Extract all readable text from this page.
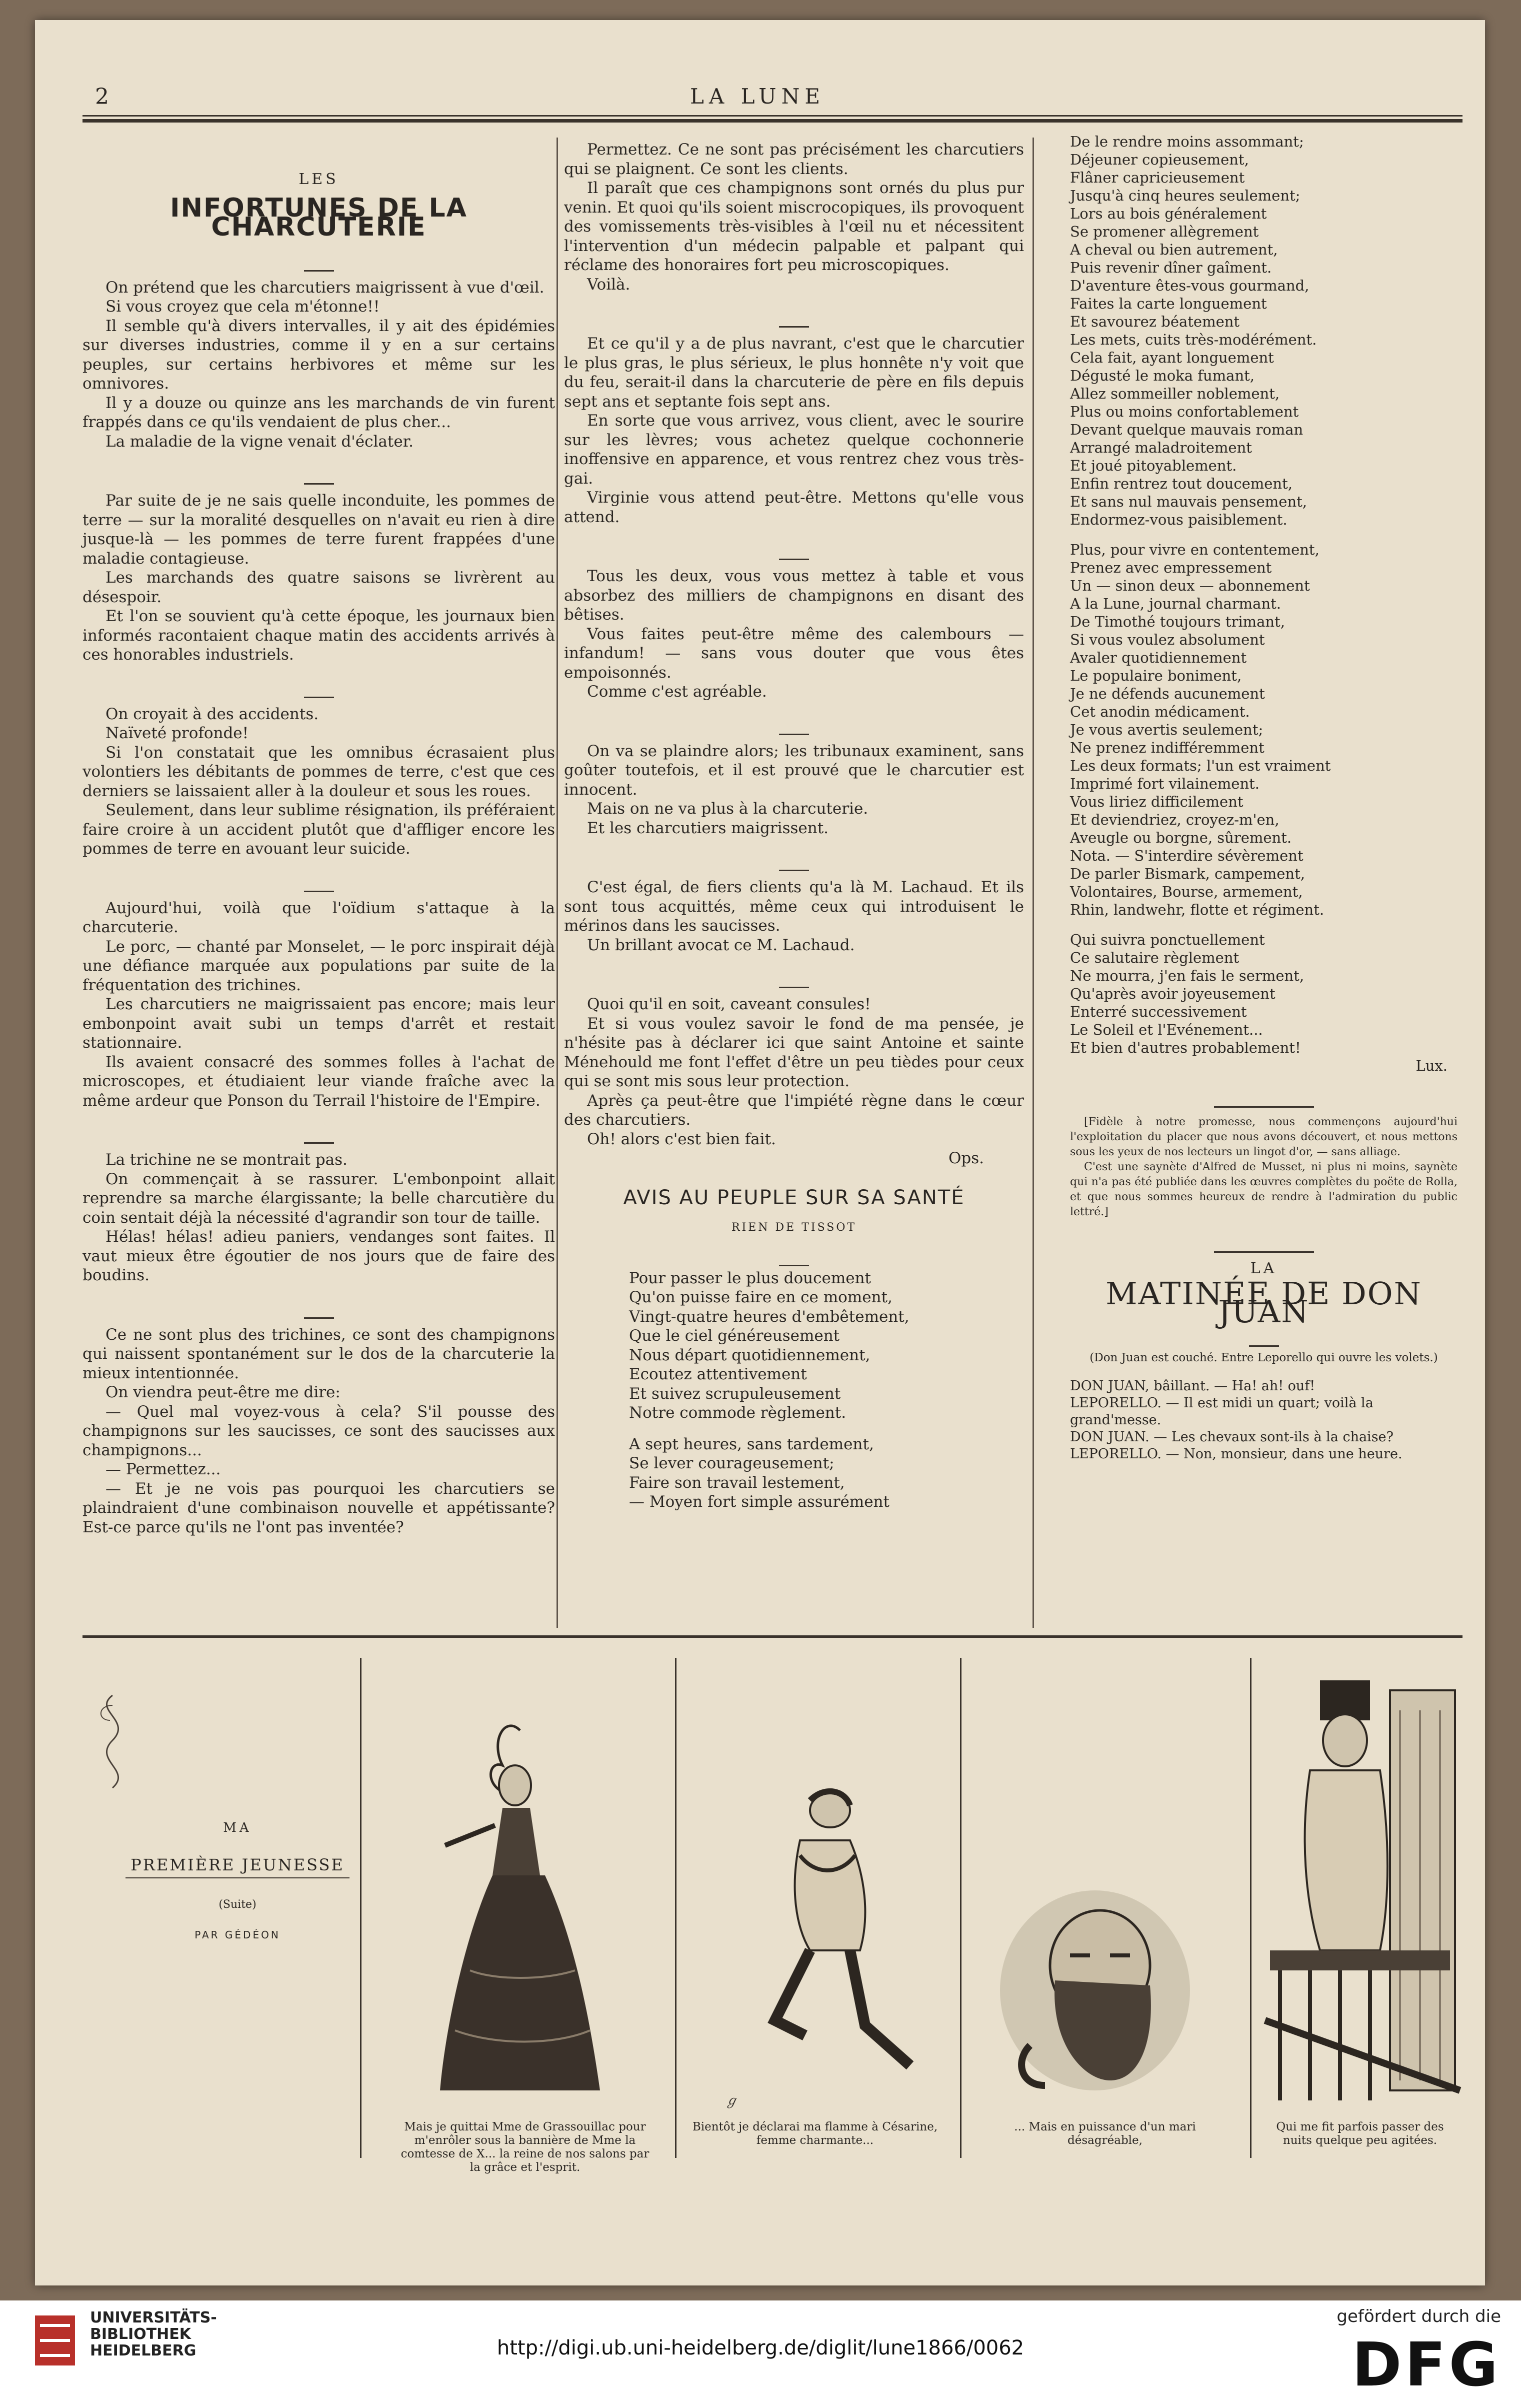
2	LA LUNE
LES
INFORTUNES DE LA CHARCUTERIE

On prétend que les charcutiers maigrissent à vue d'œil.

Si vous croyez que cela m'étonne!!

Il semble qu'à divers intervalles, il y ait des épidémies sur diverses industries, comme il y en a sur certains peuples, sur certains herbivores et même sur les omnivores.

Il y a douze ou quinze ans les marchands de vin furent frappés dans ce qu'ils vendaient de plus cher...

La maladie de la vigne venait d'éclater.

Par suite de je ne sais quelle inconduite, les pommes de terre — sur la moralité desquelles on n'avait eu rien à dire jusque-là — les pommes de terre furent frappées d'une maladie contagieuse.

Les marchands des quatre saisons se livrèrent au désespoir.

Et l'on se souvient qu'à cette époque, les journaux bien informés racontaient chaque matin des accidents arrivés à ces honorables industriels.

On croyait à des accidents.

Naïveté profonde!

Si l'on constatait que les omnibus écrasaient plus volontiers les débitants de pommes de terre, c'est que ces derniers se laissaient aller à la douleur et sous les roues.

Seulement, dans leur sublime résignation, ils préféraient faire croire à un accident plutôt que d'affliger encore les pommes de terre en avouant leur suicide.

Aujourd'hui, voilà que l'oïdium s'attaque à la charcuterie.

Le porc, — chanté par Monselet, — le porc inspirait déjà une défiance marquée aux populations par suite de la fréquentation des trichines.

Les charcutiers ne maigrissaient pas encore; mais leur embonpoint avait subi un temps d'arrêt et restait stationnaire.

Ils avaient consacré des sommes folles à l'achat de microscopes, et étudiaient leur viande fraîche avec la même ardeur que Ponson du Terrail l'histoire de l'Empire.

La trichine ne se montrait pas.

On commençait à se rassurer. L'embonpoint allait reprendre sa marche élargissante; la belle charcutière du coin sentait déjà la nécessité d'agrandir son tour de taille.

Hélas! hélas! adieu paniers, vendanges sont faites. Il vaut mieux être égoutier de nos jours que de faire des boudins.

Ce ne sont plus des trichines, ce sont des champignons qui naissent spontanément sur le dos de la charcuterie la mieux intentionnée.

On viendra peut-être me dire:

— Quel mal voyez-vous à cela? S'il pousse des champignons sur les saucisses, ce sont des saucisses aux champignons...

— Permettez...

— Et je ne vois pas pourquoi les charcutiers se plaindraient d'une combinaison nouvelle et appétissante? Est-ce parce qu'ils ne l'ont pas inventée?

Permettez. Ce ne sont pas précisément les charcutiers qui se plaignent. Ce sont les clients.

Il paraît que ces champignons sont ornés du plus pur venin. Et quoi qu'ils soient miscrocopiques, ils provoquent des vomissements très-visibles à l'œil nu et nécessitent l'intervention d'un médecin palpable et palpant qui réclame des honoraires fort peu microscopiques.

Voilà.

Et ce qu'il y a de plus navrant, c'est que le charcutier le plus gras, le plus sérieux, le plus honnête n'y voit que du feu, serait-il dans la charcuterie de père en fils depuis sept ans et septante fois sept ans.

En sorte que vous arrivez, vous client, avec le sourire sur les lèvres; vous achetez quelque cochonnerie inoffensive en apparence, et vous rentrez chez vous très-gai.

Virginie vous attend peut-être. Mettons qu'elle vous attend.

Tous les deux, vous vous mettez à table et vous absorbez des milliers de champignons en disant des bêtises.

Vous faites peut-être même des calembours — infandum! — sans vous douter que vous êtes empoisonnés.

Comme c'est agréable.

On va se plaindre alors; les tribunaux examinent, sans goûter toutefois, et il est prouvé que le charcutier est innocent.

Mais on ne va plus à la charcuterie.

Et les charcutiers maigrissent.

C'est égal, de fiers clients qu'a là M. Lachaud. Et ils sont tous acquittés, même ceux qui introduisent le mérinos dans les saucisses.

Un brillant avocat ce M. Lachaud.

Quoi qu'il en soit, caveant consules!

Et si vous voulez savoir le fond de ma pensée, je n'hésite pas à déclarer ici que saint Antoine et sainte Ménehould me font l'effet d'être un peu tièdes pour ceux qui se sont mis sous leur protection.

Après ça peut-être que l'impiété règne dans le cœur des charcutiers.

Oh! alors c'est bien fait.

Ops.
AVIS AU PEUPLE SUR SA SANTÉ
RIEN DE TISSOT

Pour passer le plus doucement

Qu'on puisse faire en ce moment,

Vingt-quatre heures d'embêtement,

Que le ciel généreusement

Nous départ quotidiennement,

Ecoutez attentivement

Et suivez scrupuleusement

Notre commode règlement.

A sept heures, sans tardement,

Se lever courageusement;

Faire son travail lestement,

— Moyen fort simple assurément

De le rendre moins assommant;

Déjeuner copieusement,

Flâner capricieusement

Jusqu'à cinq heures seulement;

Lors au bois généralement

Se promener allègrement

A cheval ou bien autrement,

Puis revenir dîner gaîment.

D'aventure êtes-vous gourmand,

Faites la carte longuement

Et savourez béatement

Les mets, cuits très-modérément.

Cela fait, ayant longuement

Dégusté le moka fumant,

Allez sommeiller noblement,

Plus ou moins confortablement

Devant quelque mauvais roman

Arrangé maladroitement

Et joué pitoyablement.

Enfin rentrez tout doucement,

Et sans nul mauvais pensement,

Endormez-vous paisiblement.

Plus, pour vivre en contentement,

Prenez avec empressement

Un — sinon deux — abonnement

A la Lune, journal charmant.

De Timothé toujours trimant,

Si vous voulez absolument

Avaler quotidiennement

Le populaire boniment,

Je ne défends aucunement

Cet anodin médicament.

Je vous avertis seulement;

Ne prenez indifféremment

Les deux formats; l'un est vraiment

Imprimé fort vilainement.

Vous liriez difficilement

Et deviendriez, croyez-m'en,

Aveugle ou borgne, sûrement.

Nota. — S'interdire sévèrement

De parler Bismark, campement,

Volontaires, Bourse, armement,

Rhin, landwehr, flotte et régiment.

Qui suivra ponctuellement

Ce salutaire règlement

Ne mourra, j'en fais le serment,

Qu'après avoir joyeusement

Enterré successivement

Le Soleil et l'Evénement...

Et bien d'autres probablement!

Lux.

[Fidèle à notre promesse, nous commençons aujourd'hui l'exploitation du placer que nous avons découvert, et nous mettons sous les yeux de nos lecteurs un lingot d'or, — sans alliage.

C'est une saynète d'Alfred de Musset, ni plus ni moins, saynète qui n'a pas été publiée dans les œuvres complètes du poëte de Rolla, et que nous sommes heureux de rendre à l'admiration du public lettré.]

LA
MATINÉE DE DON JUAN
(Don Juan est couché. Entre Leporello qui ouvre les volets.)

DON JUAN, bâillant. — Ha! ah! ouf!

LEPORELLO. — Il est midi un quart; voilà la grand'messe.

DON JUAN. — Les chevaux sont-ils à la chaise?

LEPORELLO. — Non, monsieur, dans une heure.

MA
PREMIÈRE JEUNESSE
(Suite)
PAR GÉDÉON
Mais je quittai Mme de Grassouillac pour m'enrôler sous la bannière de Mme la comtesse de X... la reine de nos salons par la grâce et l'esprit.
ℊ
Bientôt je déclarai ma flamme à Césarine, femme charmante...
... Mais en puissance d'un mari désagréable,
Qui me fit parfois passer des nuits quelque peu agitées.
UNIVERSITÄTS-
BIBLIOTHEK
HEIDELBERG	http://digi.ub.uni-heidelberg.de/diglit/lune1866/0062
gefördert durch die
DFG
